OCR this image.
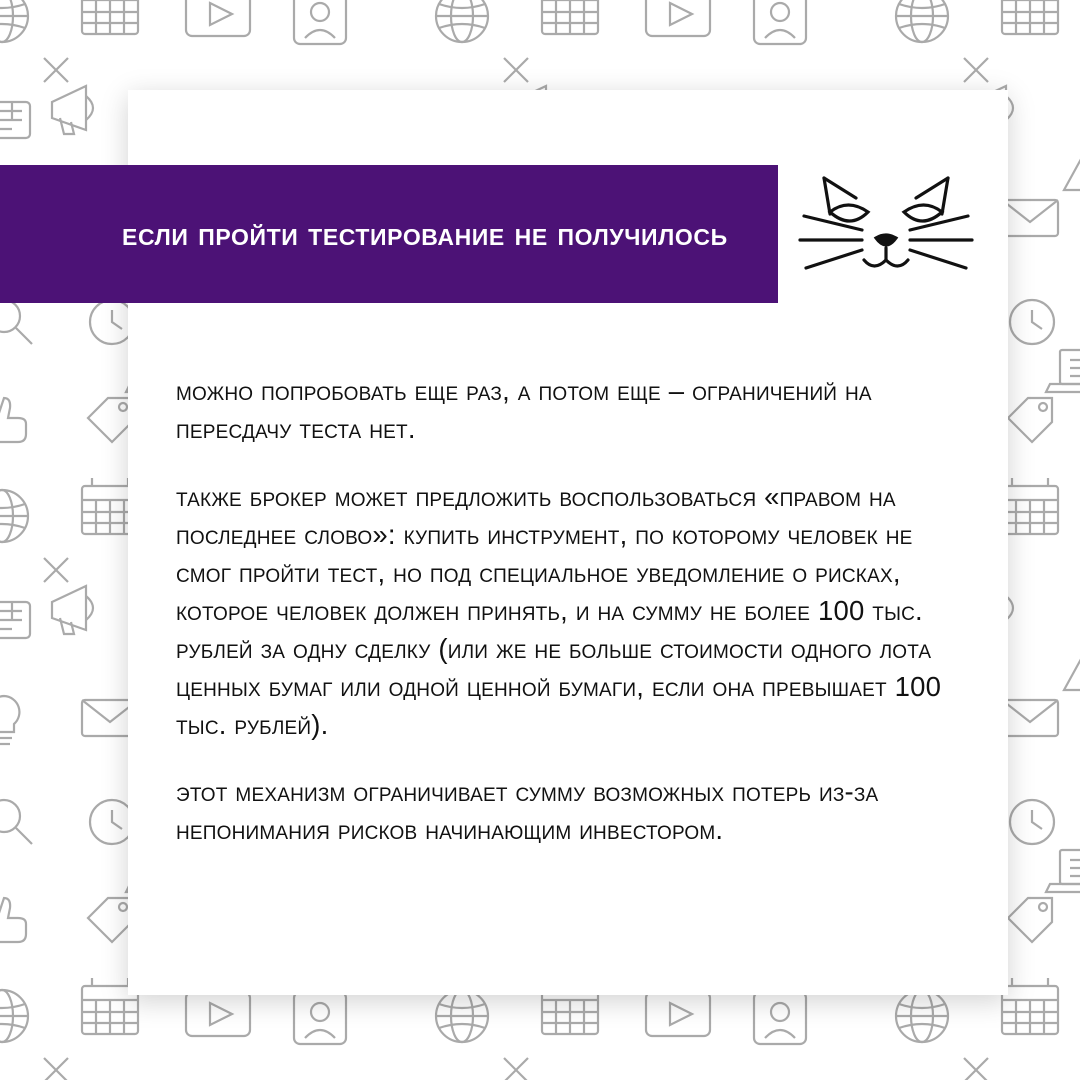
если пройти тестирование не получилось

можно попробовать еще раз, а потом еще – ограничений на пересдачу теста нет.

также брокер может предложить воспользоваться «правом на последнее слово»: купить инструмент, по которому человек не смог пройти тест, но под специальное уведомление о рисках, которое человек должен принять, и на сумму не более 100 тыс. рублей за одну сделку (или же не больше стоимости одного лота ценных бумаг или одной ценной бумаги, если она превышает 100 тыс. рублей).

этот механизм ограничивает сумму возможных потерь из-за непонимания рисков начинающим инвестором.
